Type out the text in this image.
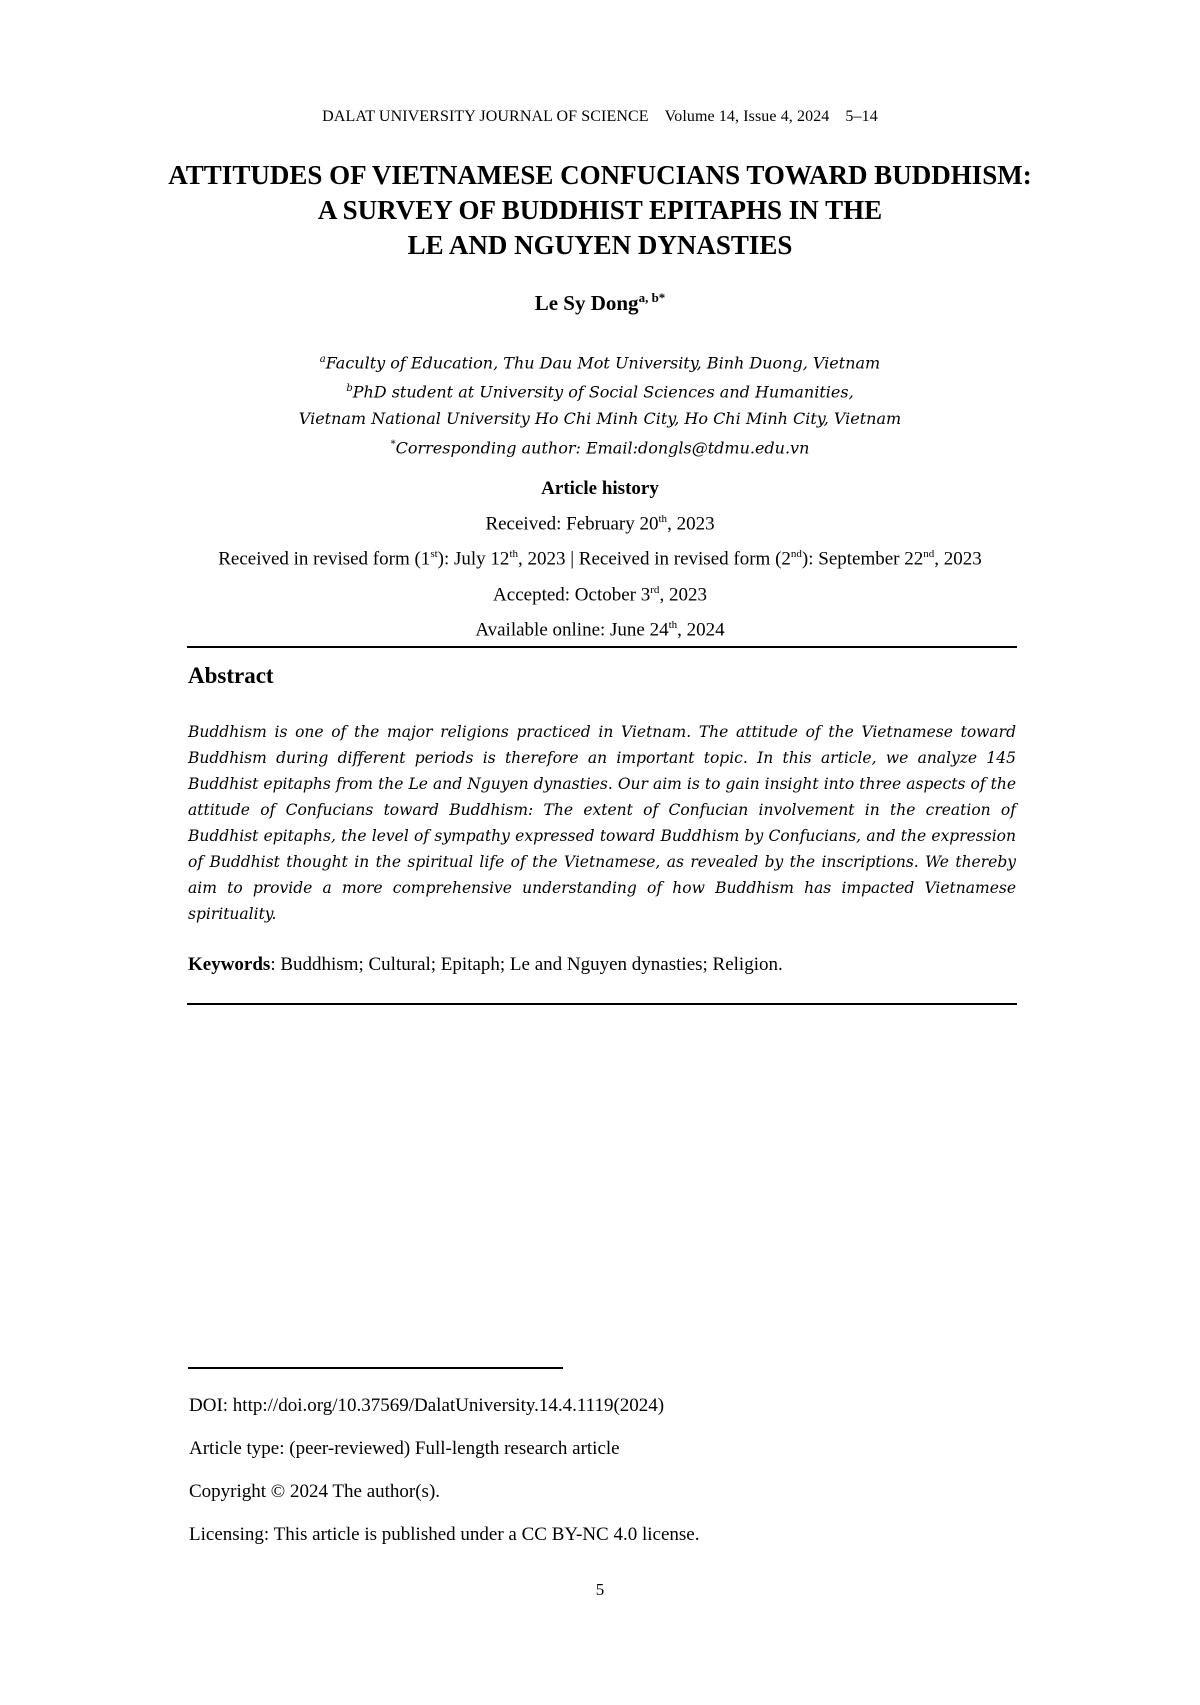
DALAT UNIVERSITY JOURNAL OF SCIENCE Volume 14, Issue 4, 2024 5–14
ATTITUDES OF VIETNAMESE CONFUCIANS TOWARD BUDDHISM:
A SURVEY OF BUDDHIST EPITAPHS IN THE
LE AND NGUYEN DYNASTIES
Le Sy Dong$^{a, b*}$
$^a$Faculty of Education, Thu Dau Mot University, Binh Duong, Vietnam
$^b$PhD student at University of Social Sciences and Humanities,
Vietnam National University Ho Chi Minh City, Ho Chi Minh City, Vietnam
*Corresponding author: Email:dongls@tdmu.edu.vn
Article history
Received: February 20th, 2023
Received in revised form (1st): July 12th, 2023 | Received in revised form (2nd): September 22nd, 2023
Accepted: October 3rd, 2023
Available online: June 24th, 2024
Abstract
Buddhism is one of the major religions practiced in Vietnam. The attitude of the Vietnamese toward Buddhism during different periods is therefore an important topic. In this article, we analyze 145 Buddhist epitaphs from the Le and Nguyen dynasties. Our aim is to gain insight into three aspects of the attitude of Confucians toward Buddhism: The extent of Confucian involvement in the creation of Buddhist epitaphs, the level of sympathy expressed toward Buddhism by Confucians, and the expression of Buddhist thought in the spiritual life of the Vietnamese, as revealed by the inscriptions. We thereby aim to provide a more comprehensive understanding of how Buddhism has impacted Vietnamese spirituality.
Keywords: Buddhism; Cultural; Epitaph; Le and Nguyen dynasties; Religion.
DOI: http://doi.org/10.37569/DalatUniversity.14.4.1119(2024)
Article type: (peer-reviewed) Full-length research article
Copyright © 2024 The author(s).
Licensing: This article is published under a CC BY-NC 4.0 license.
5
